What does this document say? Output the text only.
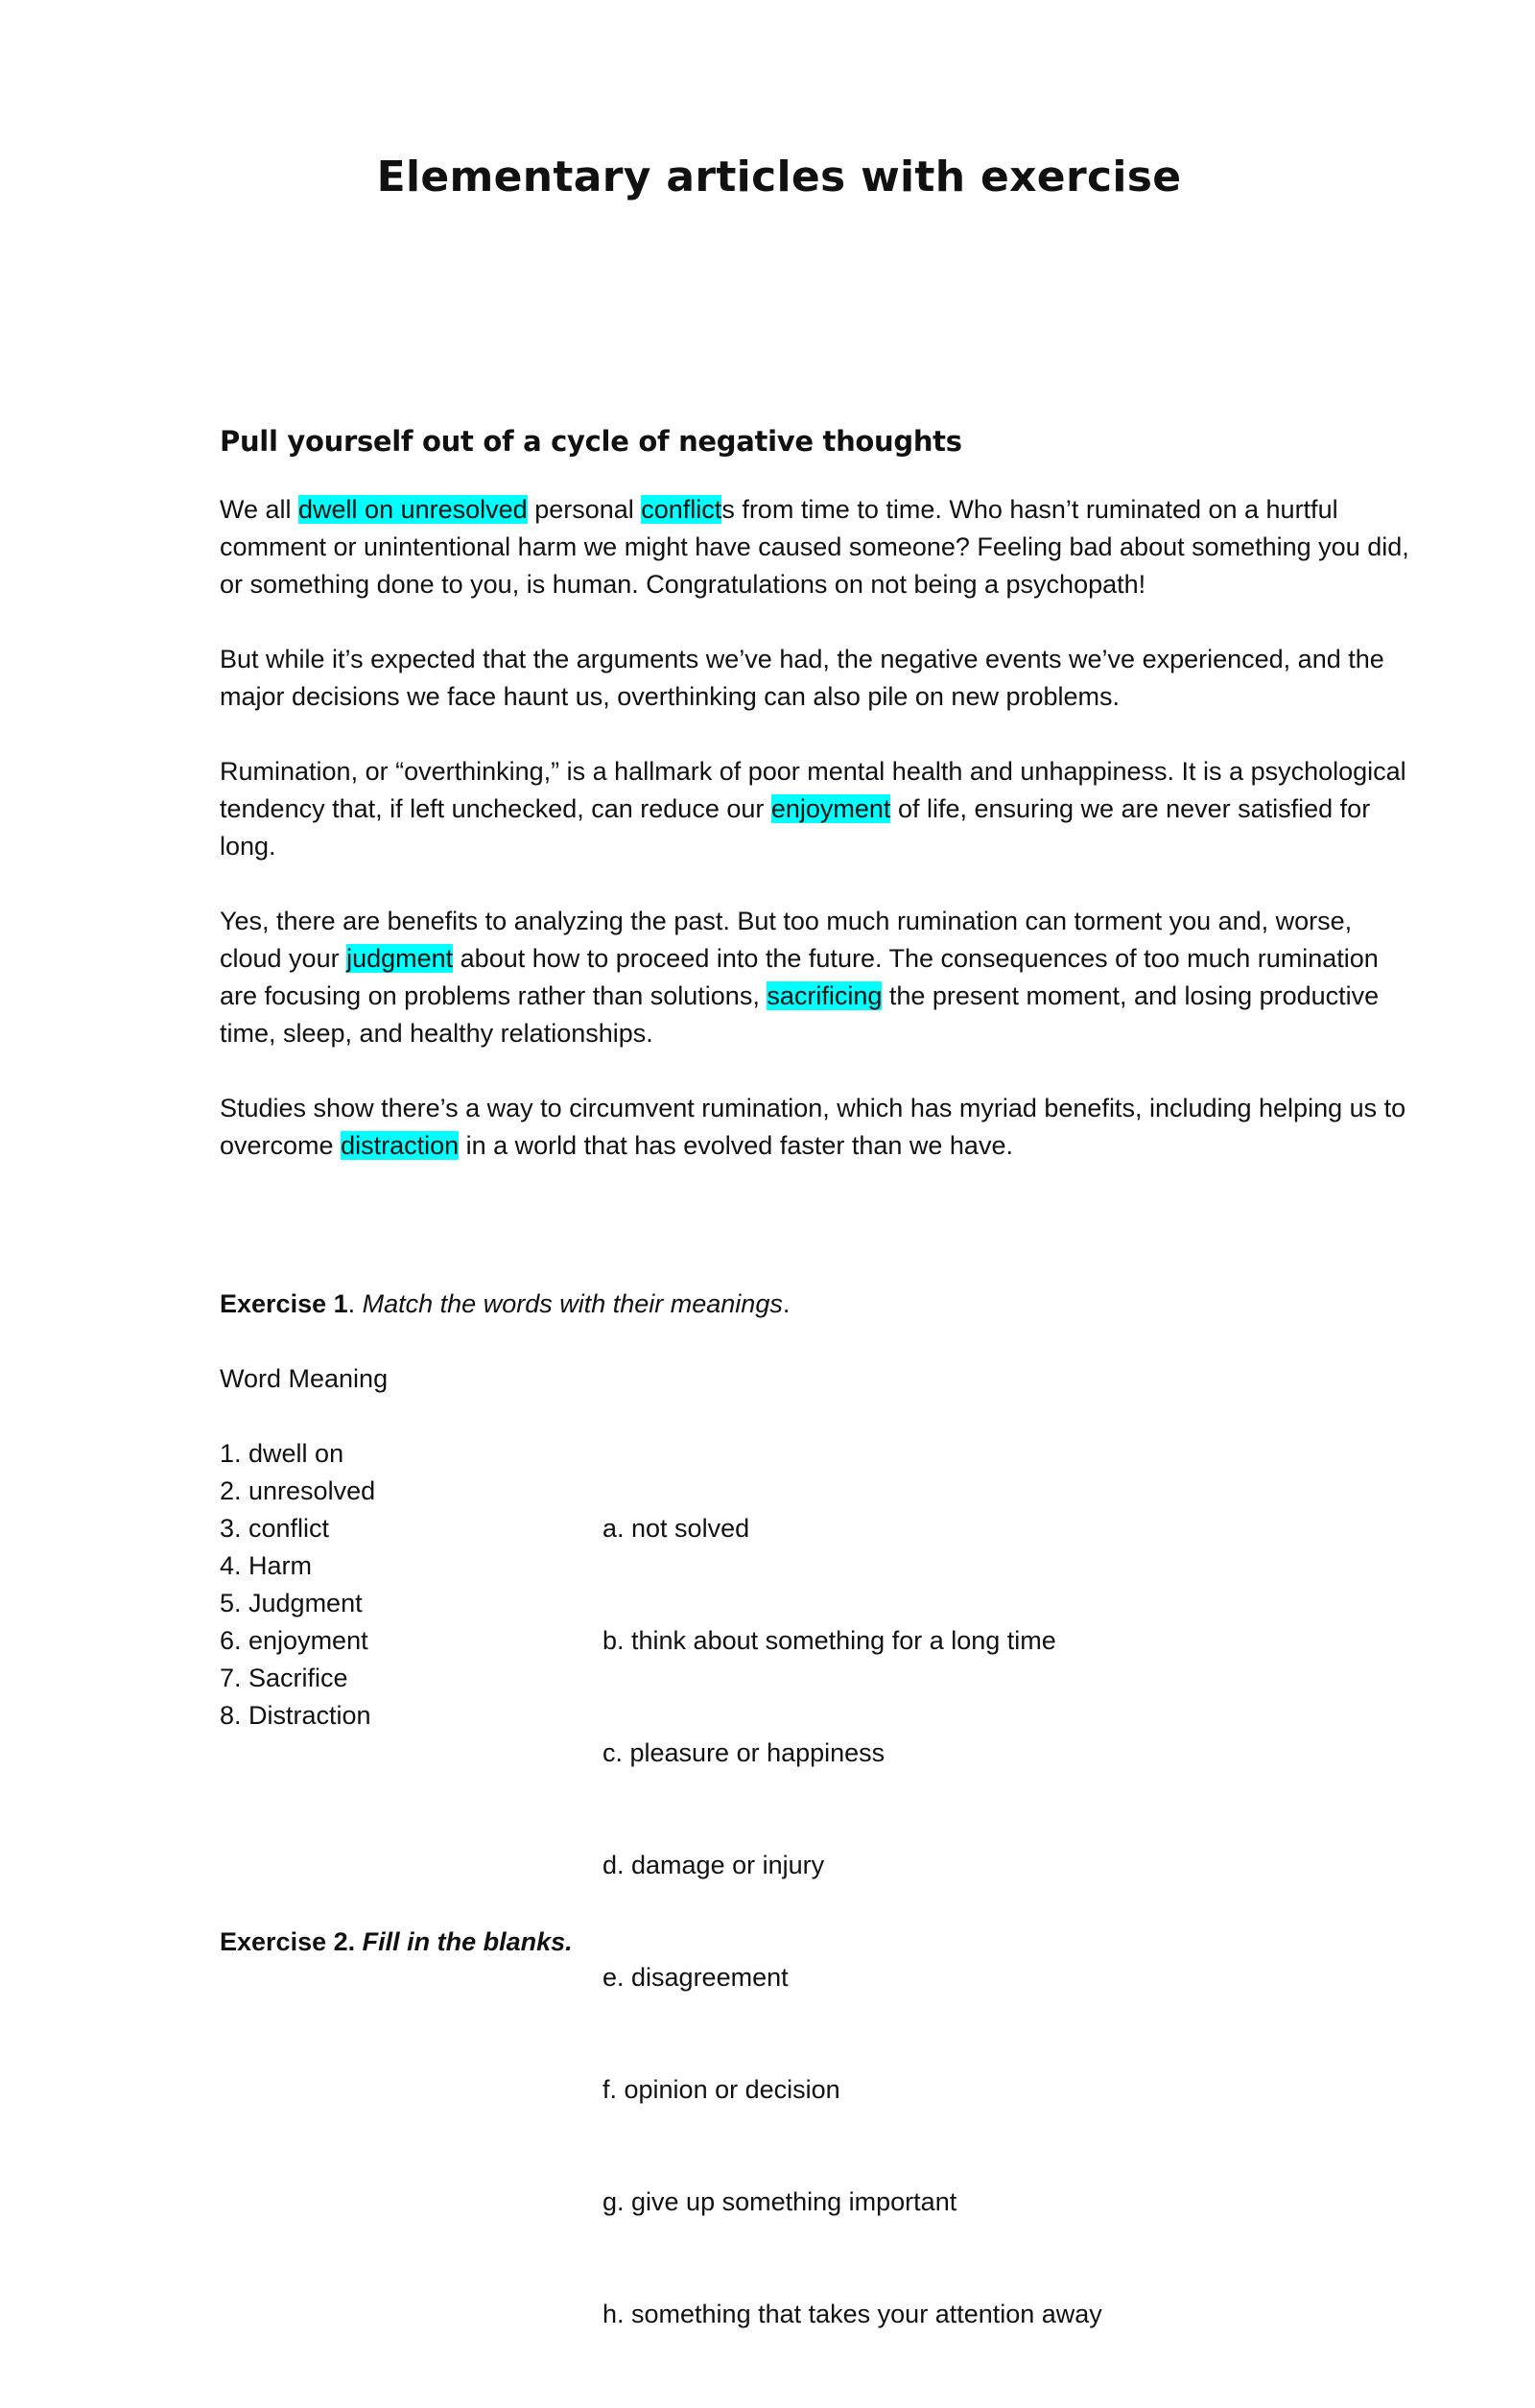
Elementary articles with exercise
Pull yourself out of a cycle of negative thoughts

We all dwell on unresolved personal conflicts from time to time. Who hasn’t ruminated on a hurtful
comment or unintentional harm we might have caused someone? Feeling bad about something you did,
or something done to you, is human. Congratulations on not being a psychopath!

But while it’s expected that the arguments we’ve had, the negative events we’ve experienced, and the
major decisions we face haunt us, overthinking can also pile on new problems.

Rumination, or “overthinking,” is a hallmark of poor mental health and unhappiness. It is a psychological
tendency that, if left unchecked, can reduce our enjoyment of life, ensuring we are never satisfied for
long.

Yes, there are benefits to analyzing the past. But too much rumination can torment you and, worse,
cloud your judgment about how to proceed into the future. The consequences of too much rumination
are focusing on problems rather than solutions, sacrificing the present moment, and losing productive
time, sleep, and healthy relationships.

Studies show there’s a way to circumvent rumination, which has myriad benefits, including helping us to
overcome distraction in a world that has evolved faster than we have.

Exercise 1. Match the words with their meanings.

Word Meaning

1. dwell on
2. unresolved
3. conflict
4. Harm
5. Judgment
6. enjoyment
7. Sacrifice
8. Distraction

a. not solved

b. think about something for a long time

c. pleasure or happiness

d. damage or injury

e. disagreement

f. opinion or decision

g. give up something important

h. something that takes your attention away

Exercise 2. Fill in the blanks.
